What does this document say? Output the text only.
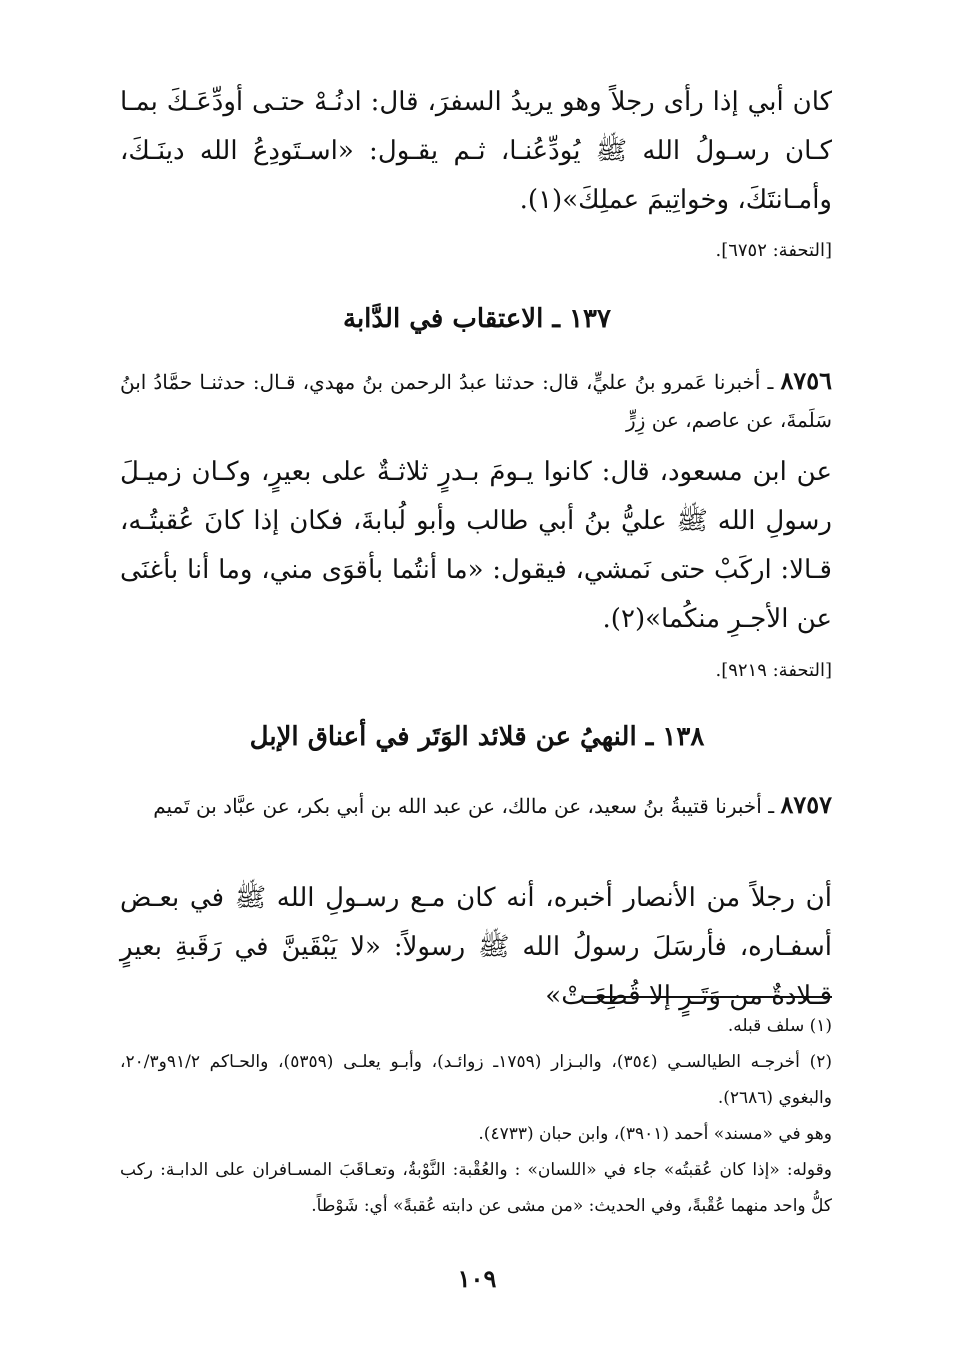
كان أبي إذا رأى رجلاً وهو يريدُ السفرَ، قال: ادنُـهْ حتـى أودِّعَـكَ بمـا كـان رسـولُ الله ﷺ يُودِّعُنـا، ثـم يقـول: «اسـتَودِعُ الله دينَـكَ، وأمـانتَكَ، وخواتِيمَ عملِكَ»(١).

[التحفة: ٦٧٥٢].

١٣٧ ـ الاعتقاب في الدَّابة

٨٧٥٦ ـ أخبرنا عَمرو بنُ عليٍّ، قال: حدثنا عبدُ الرحمن بنُ مهدي، قـال: حدثنـا حمَّادُ ابنُ سَلَمةَ، عن عاصم، عن زِرٍّ

عن ابن مسعود، قال: كانوا يـومَ بـدرٍ ثلاثـةٌ على بعيرٍ، وكـان زميـلَ رسولِ الله ﷺ عليُّ بنُ أبي طالب وأبو لُبابةَ، فكان إذا كانَ عُقبتُـه، قـالا: اركَبْ حتى نَمشي، فيقول: «ما أنتُما بأقوَى مني، وما أنا بأغنَى عن الأجـرِ منكُما»(٢).

[التحفة: ٩٢١٩].

١٣٨ ـ النهيُ عن قلائد الوَتَر في أعناق الإبل

٨٧٥٧ ـ أخبرنا قتيبةُ بنُ سعيد، عن مالك، عن عبد الله بن أبي بكر، عن عبَّاد بن تَميم

أن رجلاً من الأنصار أخبره، أنه كان مـع رسـولِ الله ﷺ في بعـض أسفـاره، فأرسَلَ رسولُ الله ﷺ رسولاً: «لا يَبْقَينَّ في رَقَبةِ بعيرٍ قـلادةٌ من وَتَـرٍ إلا قُطِعَـتْ»

(١) سلف قبله.

(٢) أخرجـه الطيالسـي (٣٥٤)، والبـزار (١٧٥٩ـ زوائـد)، وأبـو يعلـى (٥٣٥٩)، والحـاكم ٩١/٢و٢٠/٣، والبغوي (٢٦٨٦).

وهو في «مسند» أحمد (٣٩٠١)، وابن حبان (٤٧٣٣).

وقوله: «إذا كان عُقبتُه» جاء في «اللسان» : والعُقْبة: النَّوْبةُ، وتعـاقَبَ المسـافران على الدابـة: ركب كلُّ واحد منهما عُقْبةً، وفي الحديث: «من مشى عن دابته عُقبةً» أي: شَوْطاً.

١٠٩
